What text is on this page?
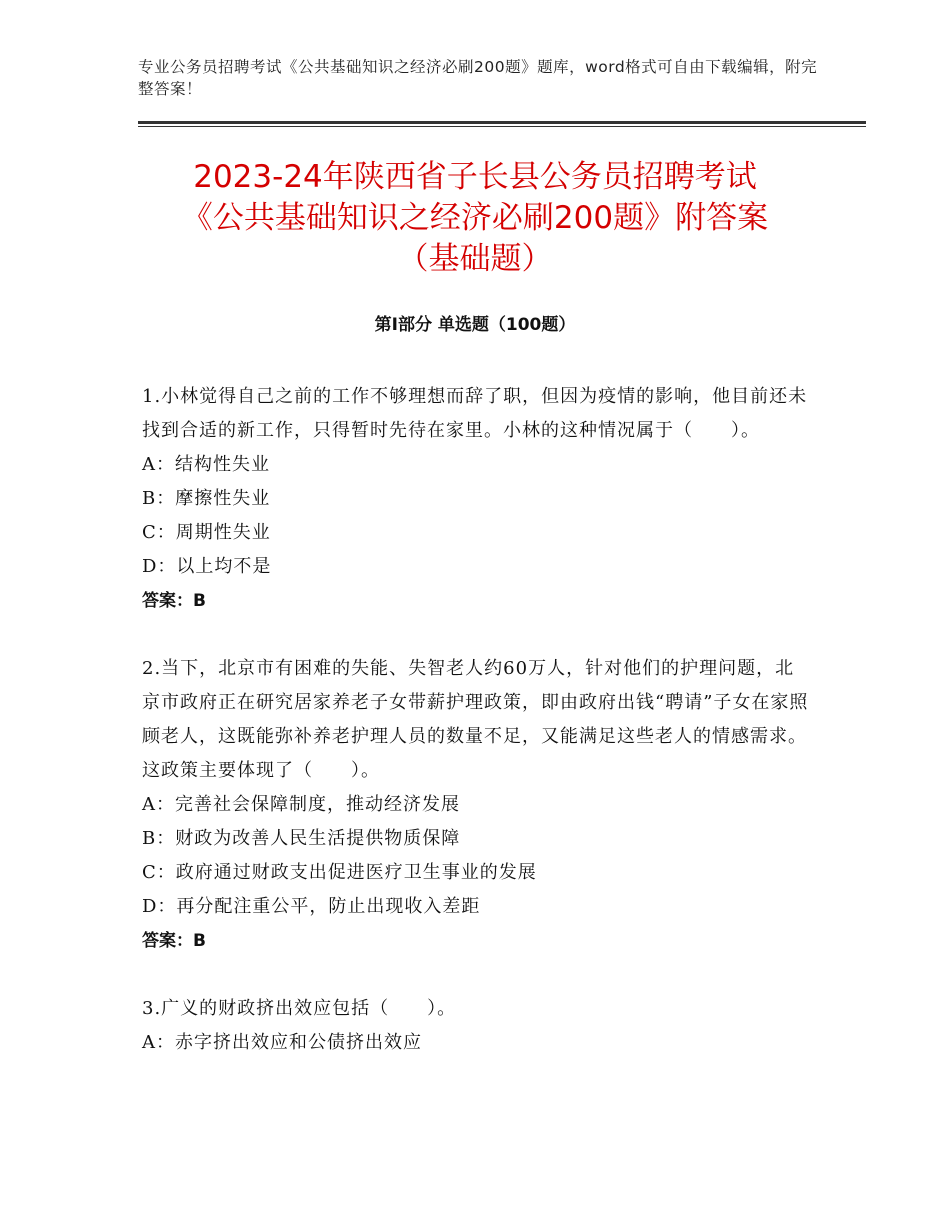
专业公务员招聘考试《公共基础知识之经济必刷200题》题库，word格式可自由下载编辑，附完整答案！
2023-24年陕西省子长县公务员招聘考试
《公共基础知识之经济必刷200题》附答案
（基础题）
第Ⅰ部分 单选题（100题）

1.小林觉得自己之前的工作不够理想而辞了职，但因为疫情的影响，他目前还未找到合适的新工作，只得暂时先待在家里。小林的这种情况属于（　　）。

A：结构性失业

B：摩擦性失业

C：周期性失业

D：以上均不是

答案：B

2.当下，北京市有困难的失能、失智老人约60万人，针对他们的护理问题，北京市政府正在研究居家养老子女带薪护理政策，即由政府出钱“聘请”子女在家照顾老人，这既能弥补养老护理人员的数量不足，又能满足这些老人的情感需求。这政策主要体现了（　　）。

A：完善社会保障制度，推动经济发展

B：财政为改善人民生活提供物质保障

C：政府通过财政支出促进医疗卫生事业的发展

D：再分配注重公平，防止出现收入差距

答案：B

3.广义的财政挤出效应包括（　　）。

A：赤字挤出效应和公债挤出效应
